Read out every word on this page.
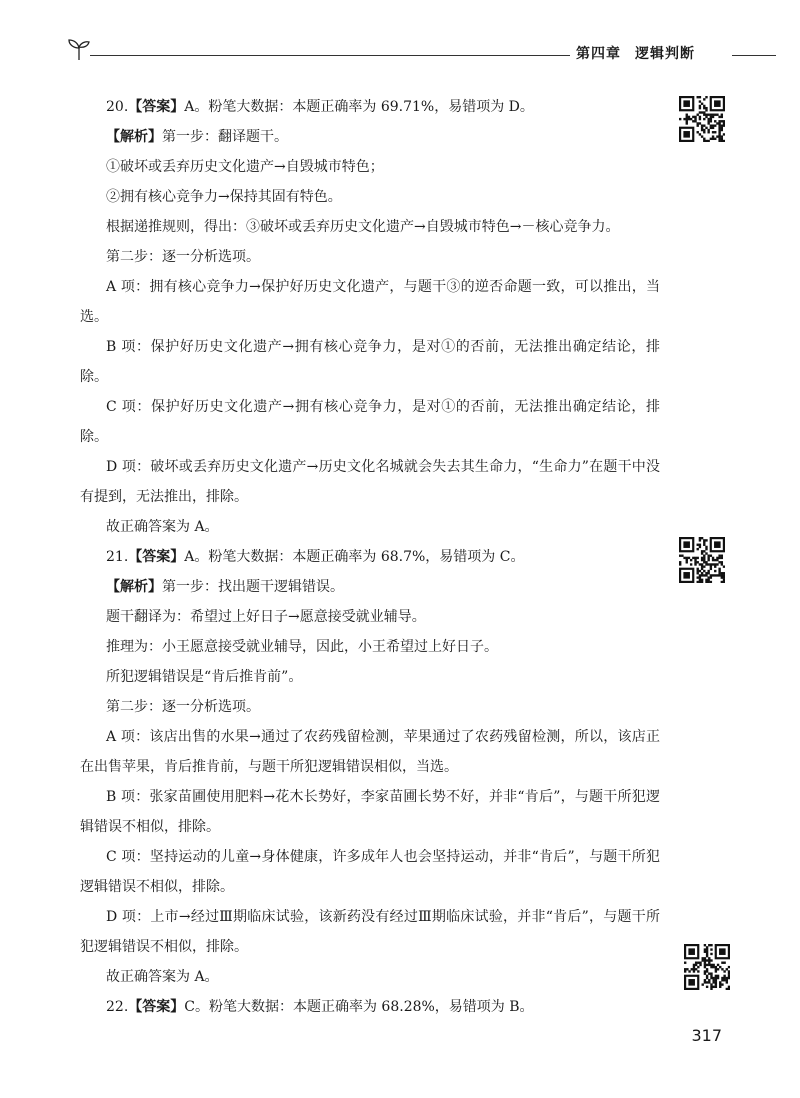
第四章 逻辑判断

20.【答案】A。粉笔大数据：本题正确率为 69.71%，易错项为 D。

【解析】第一步：翻译题干。

①破坏或丢弃历史文化遗产→自毁城市特色；

②拥有核心竞争力→保持其固有特色。

根据递推规则，得出：③破坏或丢弃历史文化遗产→自毁城市特色→－核心竞争力。

第二步：逐一分析选项。

A 项：拥有核心竞争力→保护好历史文化遗产，与题干③的逆否命题一致，可以推出，当选。

B 项：保护好历史文化遗产→拥有核心竞争力，是对①的否前，无法推出确定结论，排除。

C 项：保护好历史文化遗产→拥有核心竞争力，是对①的否前，无法推出确定结论，排除。

D 项：破坏或丢弃历史文化遗产→历史文化名城就会失去其生命力，“生命力”在题干中没有提到，无法推出，排除。

故正确答案为 A。

21.【答案】A。粉笔大数据：本题正确率为 68.7%，易错项为 C。

【解析】第一步：找出题干逻辑错误。

题干翻译为：希望过上好日子→愿意接受就业辅导。

推理为：小王愿意接受就业辅导，因此，小王希望过上好日子。

所犯逻辑错误是“肯后推肯前”。

第二步：逐一分析选项。

A 项：该店出售的水果→通过了农药残留检测，苹果通过了农药残留检测，所以，该店正在出售苹果，肯后推肯前，与题干所犯逻辑错误相似，当选。

B 项：张家苗圃使用肥料→花木长势好，李家苗圃长势不好，并非“肯后”，与题干所犯逻辑错误不相似，排除。

C 项：坚持运动的儿童→身体健康，许多成年人也会坚持运动，并非“肯后”，与题干所犯逻辑错误不相似，排除。

D 项：上市→经过Ⅲ期临床试验，该新药没有经过Ⅲ期临床试验，并非“肯后”，与题干所犯逻辑错误不相似，排除。

故正确答案为 A。

22.【答案】C。粉笔大数据：本题正确率为 68.28%，易错项为 B。

317
